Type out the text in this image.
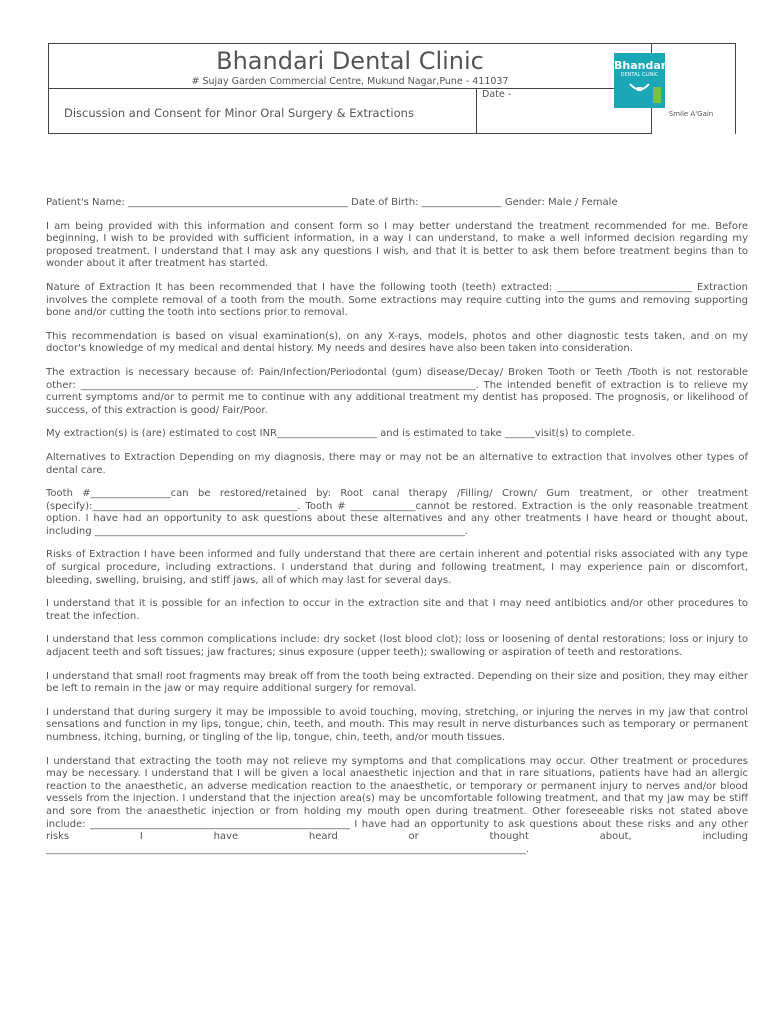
Bhandari Dental Clinic
# Sujay Garden Commercial Centre, Mukund Nagar,Pune - 411037
Discussion and Consent for Minor Oral Surgery & Extractions
Date -
Bhandari
DENTAL CLINIC
Smile A'Gain

Patient's Name: ____________________________________________ Date of Birth: ________________ Gender: Male / Female

I am being provided with this information and consent form so I may better understand the treatment recommended for me. Before beginning, I wish to be provided with sufficient information, in a way I can understand, to make a well informed decision regarding my proposed treatment. I understand that I may ask any questions I wish, and that it is better to ask them before treatment begins than to wonder about it after treatment has started.

Nature of Extraction It has been recommended that I have the following tooth (teeth) extracted: ___________________________ Extraction involves the complete removal of a tooth from the mouth. Some extractions may require cutting into the gums and removing supporting bone and/or cutting the tooth into sections prior to removal.

This recommendation is based on visual examination(s), on any X-rays, models, photos and other diagnostic tests taken, and on my doctor's knowledge of my medical and dental history. My needs and desires have also been taken into consideration.

The extraction is necessary because of: Pain/Infection/Periodontal (gum) disease/Decay/ Broken Tooth or Teeth /Tooth is not restorable other: _______________________________________________________________________________. The intended benefit of extraction is to relieve my current symptoms and/or to permit me to continue with any additional treatment my dentist has proposed. The prognosis, or likelihood of success, of this extraction is good/ Fair/Poor.

My extraction(s) is (are) estimated to cost INR____________________ and is estimated to take ______visit(s) to complete.

Alternatives to Extraction Depending on my diagnosis, there may or may not be an alternative to extraction that involves other types of dental care.

Tooth #________________can be restored/retained by: Root canal therapy /Filling/ Crown/ Gum treatment, or other treatment (specify):_________________________________________. Tooth # _____________cannot be restored. Extraction is the only reasonable treatment option. I have had an opportunity to ask questions about these alternatives and any other treatments I have heard or thought about, including __________________________________________________________________________.

Risks of Extraction I have been informed and fully understand that there are certain inherent and potential risks associated with any type of surgical procedure, including extractions. I understand that during and following treatment, I may experience pain or discomfort, bleeding, swelling, bruising, and stiff jaws, all of which may last for several days.

I understand that it is possible for an infection to occur in the extraction site and that I may need antibiotics and/or other procedures to treat the infection.

I understand that less common complications include: dry socket (lost blood clot); loss or loosening of dental restorations; loss or injury to adjacent teeth and soft tissues; jaw fractures; sinus exposure (upper teeth); swallowing or aspiration of teeth and restorations.

I understand that small root fragments may break off from the tooth being extracted. Depending on their size and position, they may either be left to remain in the jaw or may require additional surgery for removal.

I understand that during surgery it may be impossible to avoid touching, moving, stretching, or injuring the nerves in my jaw that control sensations and function in my lips, tongue, chin, teeth, and mouth. This may result in nerve disturbances such as temporary or permanent numbness, itching, burning, or tingling of the lip, tongue, chin, teeth, and/or mouth tissues.

I understand that extracting the tooth may not relieve my symptoms and that complications may occur. Other treatment or procedures may be necessary. I understand that I will be given a local anaesthetic injection and that in rare situations, patients have had an allergic reaction to the anaesthetic, an adverse medication reaction to the anaesthetic, or temporary or permanent injury to nerves and/or blood vessels from the injection. I understand that the injection area(s) may be uncomfortable following treatment, and that my jaw may be stiff and sore from the anaesthetic injection or from holding my mouth open during treatment. Other foreseeable risks not stated above include: ____________________________________________________ I have had an opportunity to ask questions about these risks and any other risks I have heard or thought about, including ________________________________________________________________________________________________.
